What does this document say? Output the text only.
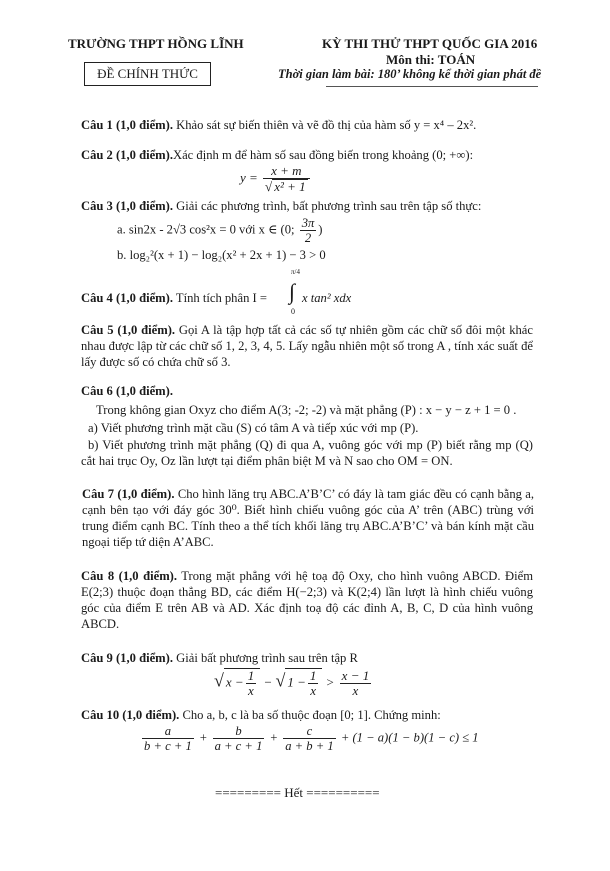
TRƯỜNG THPT HỒNG LĨNH	KỲ THI THỬ THPT QUỐC GIA 2016
Môn thi: TOÁN
ĐỀ CHÍNH THỨC	Thời gian làm bài: 180’ không kể thời gian phát đề
Câu 1 (1,0 điểm). Khảo sát sự biến thiên và vẽ đồ thị của hàm số y = x⁴ – 2x².
Câu 2 (1,0 điểm).Xác định m để hàm số sau đồng biến trong khoảng (0; +∞):
$y = \frac{x + m}{\text{√ x² + 1}}$
Câu 3 (1,0 điểm). Giải các phương trình, bất phương trình sau trên tập số thực:
a. sin2x - 2√3 cos²x = 0 với x ∈ (0; $\frac{3\pi}{2}$ )
b. log₂²(x + 1) − log₂(x² + 2x + 1) − 3 > 0
Câu 4 (1,0 điểm). Tính tích phân I =
π/4
∫
0
x tan² xdx
Câu 5 (1,0 điểm). Gọi A là tập hợp tất cả các số tự nhiên gồm các chữ số đôi một khác nhau được lập từ các chữ số 1, 2, 3, 4, 5. Lấy ngẫu nhiên một số trong A , tính xác suất để lấy được số có chứa chữ số 3.
Câu 6 (1,0 điểm).
Trong không gian Oxyz cho điểm A(3; -2; -2) và mặt phẳng (P) : x − y − z + 1 = 0 .
a) Viết phương trình mặt cầu (S) có tâm A và tiếp xúc với mp (P).
b) Viết phương trình mặt phẳng (Q) đi qua A, vuông góc với mp (P) biết rằng mp (Q) cắt hai trục Oy, Oz lần lượt tại điểm phân biệt M và N sao cho OM = ON.
Câu 7 (1,0 điểm). Cho hình lăng trụ ABC.A’B’C’ có đáy là tam giác đều có cạnh bằng a, cạnh bên tạo với đáy góc 30⁰. Biết hình chiếu vuông góc của A’ trên (ABC) trùng với trung điểm cạnh BC. Tính theo a thể tích khối lăng trụ ABC.A’B’C’ và bán kính mặt cầu ngoại tiếp tứ diện A’ABC.
Câu 8 (1,0 điểm). Trong mặt phẳng với hệ toạ độ Oxy, cho hình vuông ABCD. Điểm E(2;3) thuộc đoạn thẳng BD, các điểm H(−2;3) và K(2;4) lần lượt là hình chiếu vuông góc của điểm E trên AB và AD. Xác định toạ độ các đỉnh A, B, C, D của hình vuông ABCD.
Câu 9 (1,0 điểm). Giải bất phương trình sau trên tập R
√ $x - \frac{1}{x}$ − √ $1 - \frac{1}{x} > \frac{x - 1}{x}$
Câu 10 (1,0 điểm). Cho a, b, c là ba số thuộc đoạn [0; 1]. Chứng minh:
$\frac{a}{b + c + 1} + \frac{b}{a + c + 1} + \frac{c}{a + b + 1} + (1 - a)(1 - b)(1 - c) \le 1$
========= Hết ==========
